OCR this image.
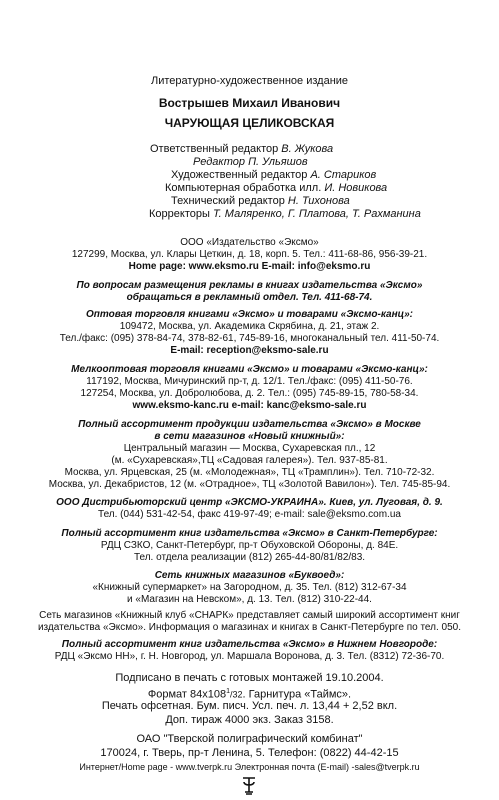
Литературно-художественное издание
Вострышев Михаил Иванович
ЧАРУЮЩАЯ ЦЕЛИКОВСКАЯ
Ответственный редактор В. Жукова
Редактор П. Ульяшов
Художественный редактор А. Стариков
Компьютерная обработка илл. И. Новикова
Технический редактор Н. Тихонова
Корректоры Т. Маляренко, Г. Платова, Т. Рахманина
ООО «Издательство «Эксмо»
127299, Москва, ул. Клары Цеткин, д. 18, корп. 5. Тел.: 411-68-86, 956-39-21.
Home page: www.eksmo.ru E-mail: info@eksmo.ru
По вопросам размещения рекламы в книгах издательства «Эксмо»
обращаться в рекламный отдел. Тел. 411-68-74.
Оптовая торговля книгами «Эксмо» и товарами «Эксмо-канц»:
109472, Москва, ул. Академика Скрябина, д. 21, этаж 2.
Тел./факс: (095) 378-84-74, 378-82-61, 745-89-16, многоканальный тел. 411-50-74.
E-mail: reception@eksmo-sale.ru
Мелкооптовая торговля книгами «Эксмо» и товарами «Эксмо-канц»:
117192, Москва, Мичуринский пр-т, д. 12/1. Тел./факс: (095) 411-50-76.
127254, Москва, ул. Добролюбова, д. 2. Тел.: (095) 745-89-15, 780-58-34.
www.eksmo-kanc.ru e-mail: kanc@eksmo-sale.ru
Полный ассортимент продукции издательства «Эксмо» в Москве
в сети магазинов «Новый книжный»:
Центральный магазин — Москва, Сухаревская пл., 12
(м. «Сухаревская»,ТЦ «Садовая галерея»). Тел. 937-85-81.
Москва, ул. Ярцевская, 25 (м. «Молодежная», ТЦ «Трамплин»). Тел. 710-72-32.
Москва, ул. Декабристов, 12 (м. «Отрадное», ТЦ «Золотой Вавилон»). Тел. 745-85-94.
ООО Дистрибьюторский центр «ЭКСМО-УКРАИНА». Киев, ул. Луговая, д. 9.
Тел. (044) 531-42-54, факс 419-97-49; e-mail: sale@eksmo.com.ua
Полный ассортимент книг издательства «Эксмо» в Санкт-Петербурге:
РДЦ СЗКО, Санкт-Петербург, пр-т Обуховской Обороны, д. 84Е.
Тел. отдела реализации (812) 265-44-80/81/82/83.
Сеть книжных магазинов «Буквоед»:
«Книжный супермаркет» на Загородном, д. 35. Тел. (812) 312-67-34
и «Магазин на Невском», д. 13. Тел. (812) 310-22-44.
Сеть магазинов «Книжный клуб «СНАРК» представляет самый широкий ассортимент книг
издательства «Эксмо». Информация о магазинах и книгах в Санкт-Петербурге по тел. 050.
Полный ассортимент книг издательства «Эксмо» в Нижнем Новгороде:
РДЦ «Эксмо НН», г. Н. Новгород, ул. Маршала Воронова, д. 3. Тел. (8312) 72-36-70.
Подписано в печать с готовых монтажей 19.10.2004.
Формат $84х108^1/32$. Гарнитура «Таймс».
Печать офсетная. Бум. писч. Усл. печ. л. 13,44 + 2,52 вкл.
Доп. тираж 4000 экз. Заказ 3158.
ОАО "Тверской полиграфический комбинат"
170024, г. Тверь, пр-т Ленина, 5. Телефон: (0822) 44-42-15
Интернет/Home page - www.tverpk.ru Электронная почта (E-mail) -sales@tverpk.ru
